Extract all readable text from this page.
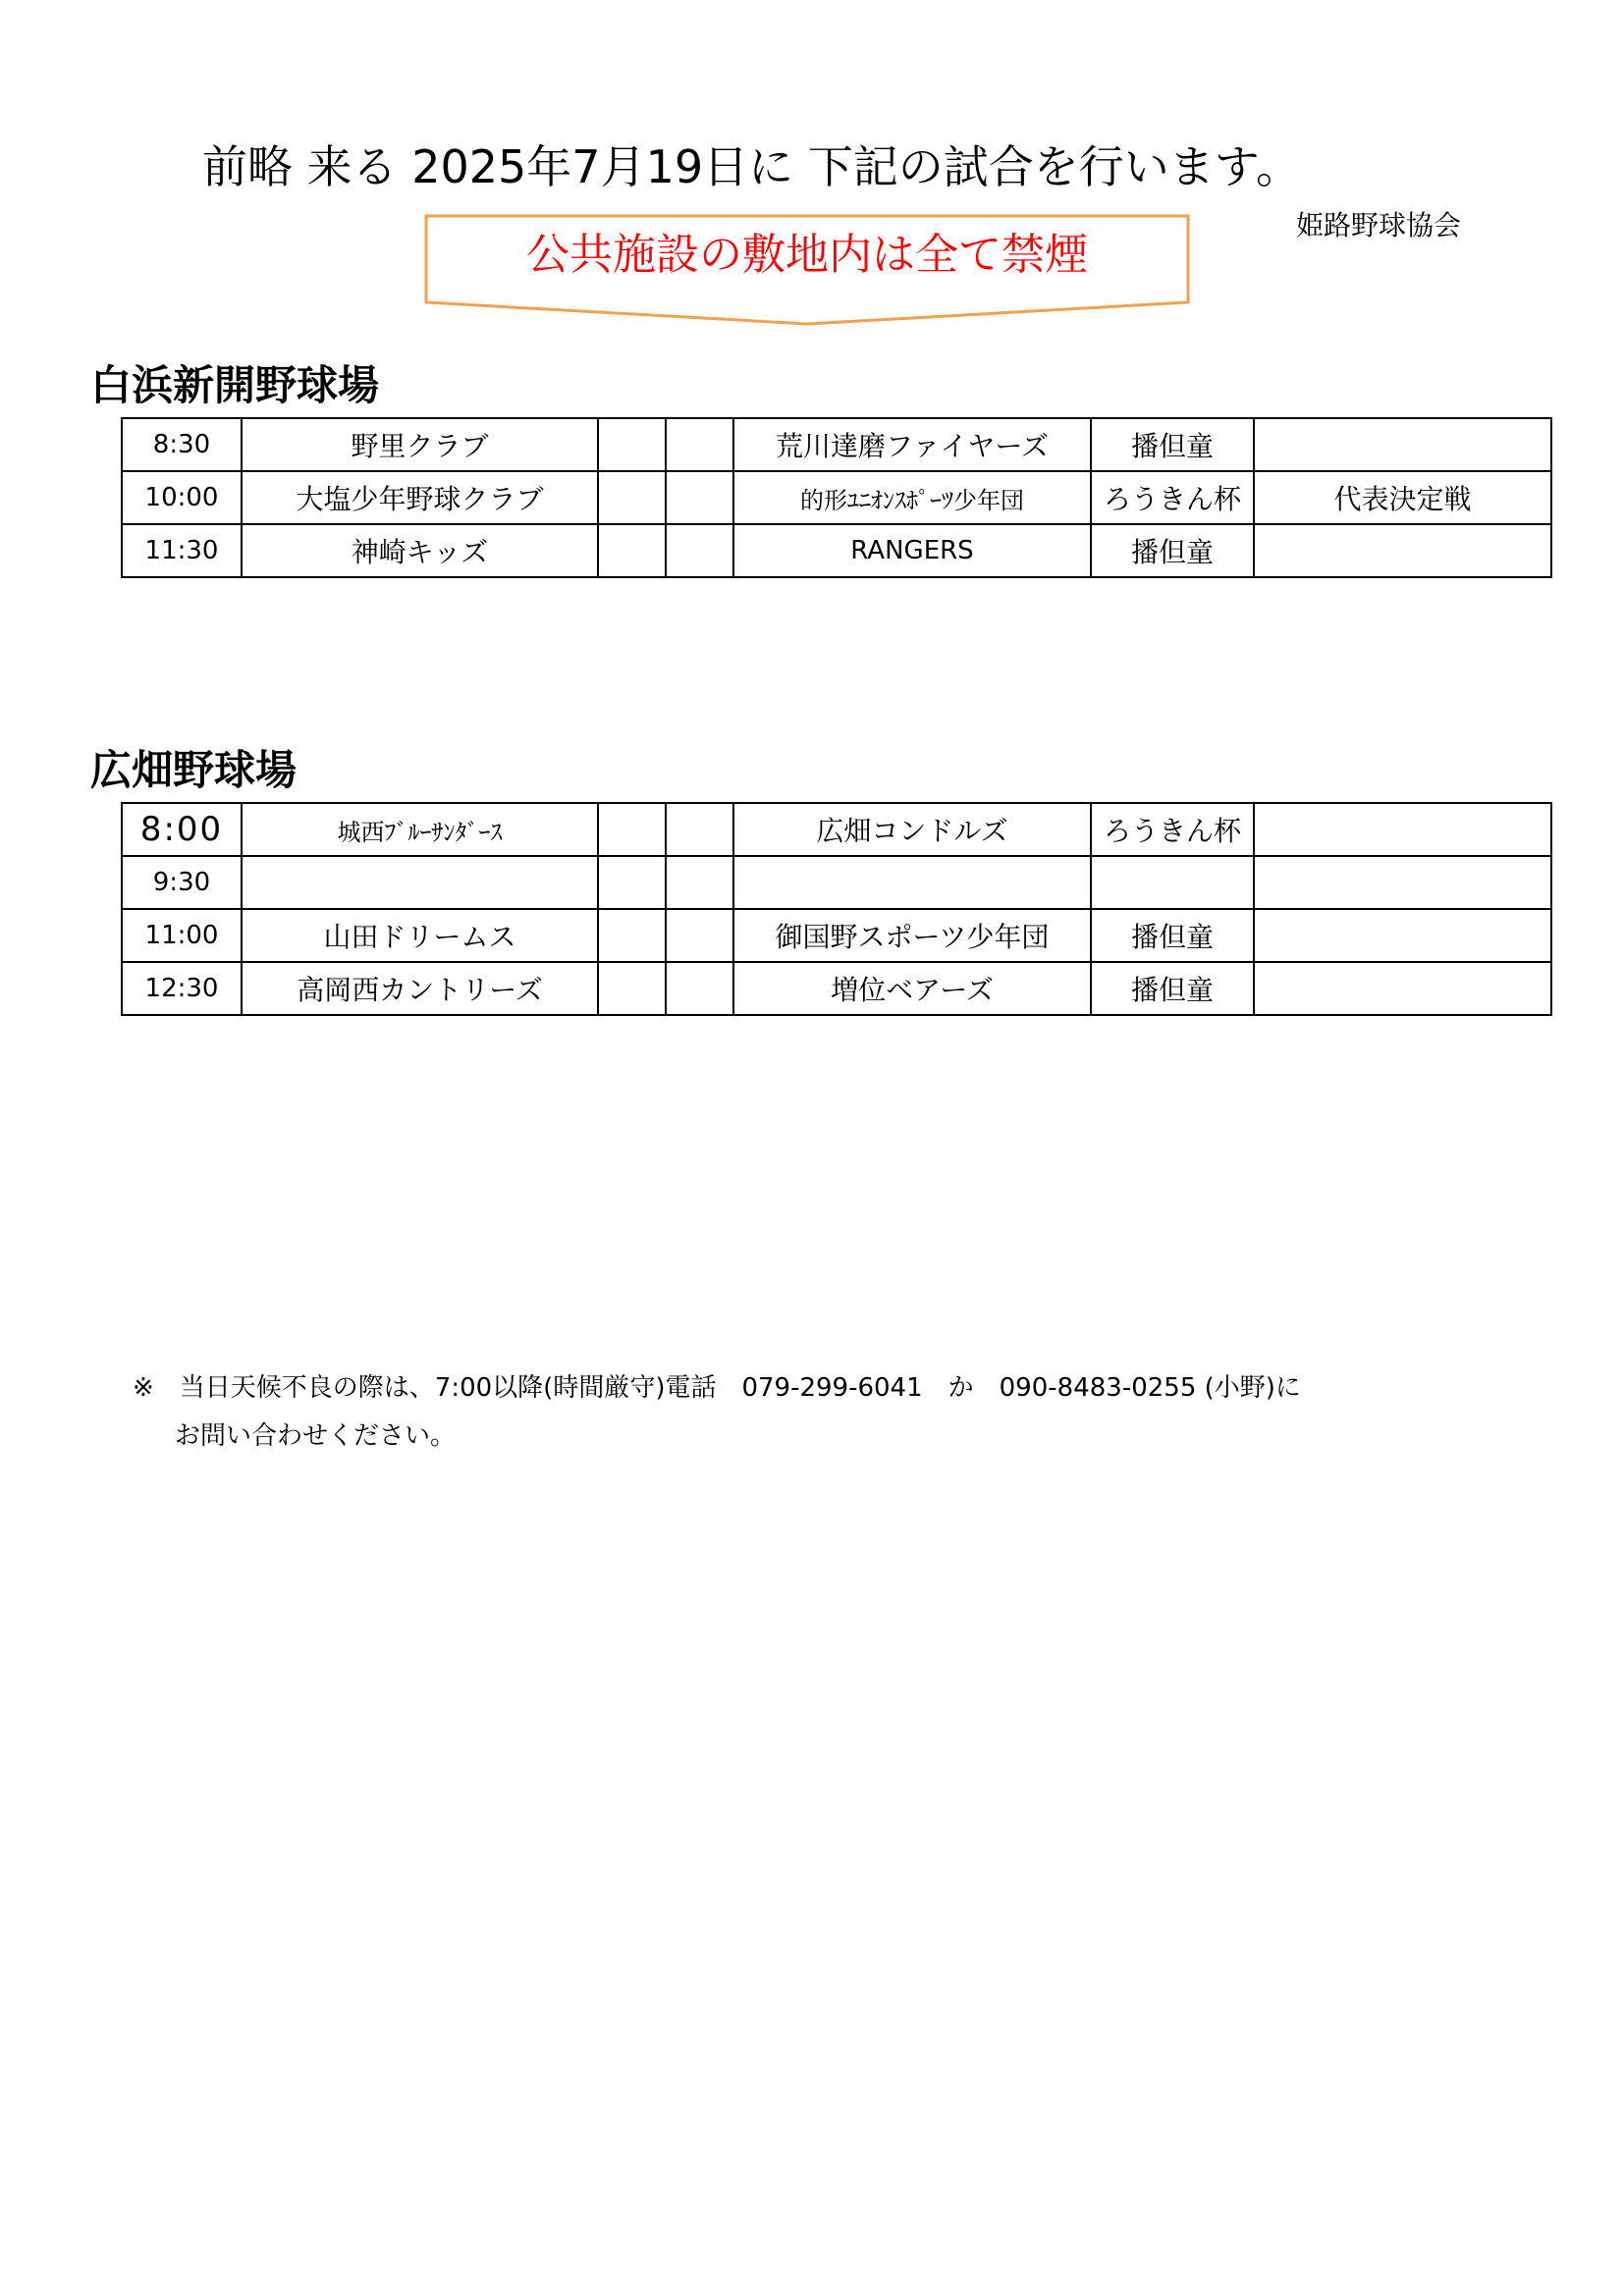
前略 来る 2025年7月19日に 下記の試合を行います。
姫路野球協会
公共施設の敷地内は全て禁煙
白浜新開野球場
8:30	野里クラブ			荒川達磨ファイヤーズ	播但童	
10:00	大塩少年野球クラブ			的形ﾕﾆｵﾝｽﾎﾟｰﾂ少年団	ろうきん杯	代表決定戦
11:30	神崎キッズ			RANGERS	播但童	
広畑野球場
8:00	城西ﾌﾞﾙｰｻﾝﾀﾞｰｽ			広畑コンドルズ	ろうきん杯	
9:30						
11:00	山田ドリームス			御国野スポーツ少年団	播但童	
12:30	高岡西カントリーズ			増位ベアーズ	播但童	
※　当日天候不良の際は、7:00以降(時間厳守)電話　079-299-6041　か　090-8483-0255 (小野)に
お問い合わせください。
